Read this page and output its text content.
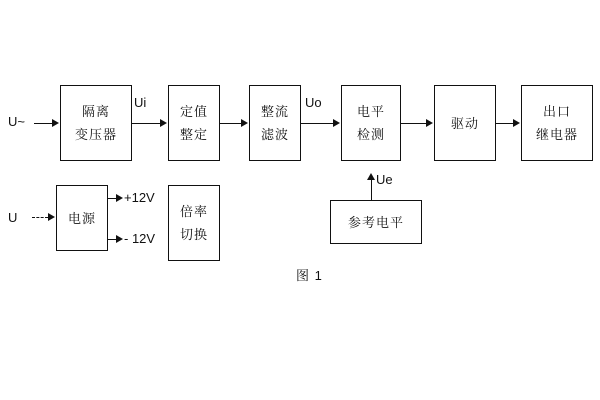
隔离
变压器
定值
整定
整流
滤波
电平
检测
驱动
出口
继电器
电源	倍率
切换
参考电平
U~
U
Ui	Uo
Ue
+12V
- 12V
图 1
